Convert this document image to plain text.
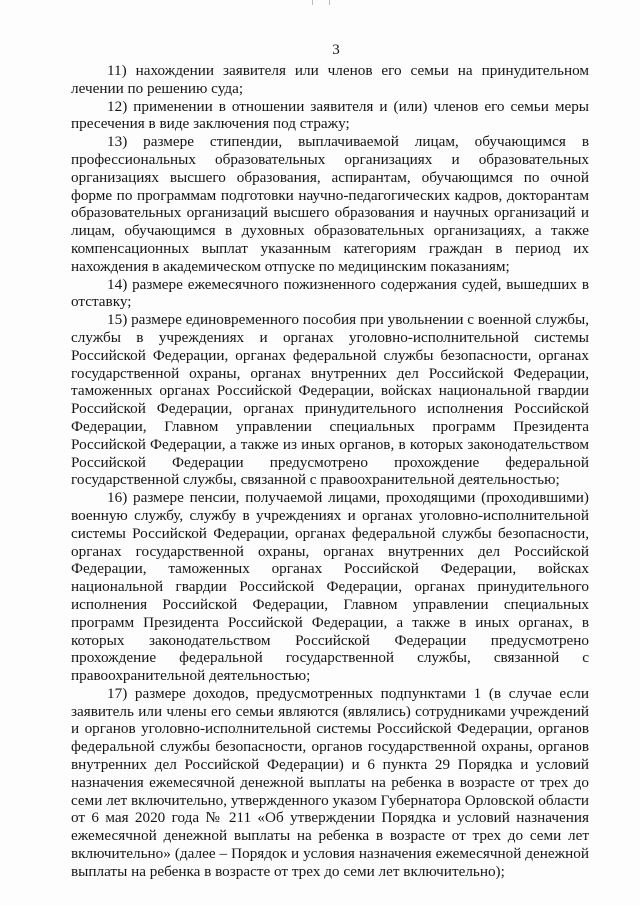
3

11) нахождении заявителя или членов его семьи на принудительном лечении по решению суда;

12) применении в отношении заявителя и (или) членов его семьи меры пресечения в виде заключения под стражу;

13) размере стипендии, выплачиваемой лицам, обучающимся в профессиональных образовательных организациях и образовательных организациях высшего образования, аспирантам, обучающимся по очной форме по программам подготовки научно-педагогических кадров, докторантам образовательных организаций высшего образования и научных организаций и лицам, обучающимся в духовных образовательных организациях, а также компенсационных выплат указанным категориям граждан в период их нахождения в академическом отпуске по медицинским показаниям;

14) размере ежемесячного пожизненного содержания судей, вышедших в отставку;

15) размере единовременного пособия при увольнении с военной службы, службы в учреждениях и органах уголовно-исполнительной системы Российской Федерации, органах федеральной службы безопасности, органах государственной охраны, органах внутренних дел Российской Федерации, таможенных органах Российской Федерации, войсках национальной гвардии Российской Федерации, органах принудительного исполнения Российской Федерации, Главном управлении специальных программ Президента Российской Федерации, а также из иных органов, в которых законодательством Российской Федерации предусмотрено прохождение федеральной государственной службы, связанной с правоохранительной деятельностью;

16) размере пенсии, получаемой лицами, проходящими (проходившими) военную службу, службу в учреждениях и органах уголовно-исполнительной системы Российской Федерации, органах федеральной службы безопасности, органах государственной охраны, органах внутренних дел Российской Федерации, таможенных органах Российской Федерации, войсках национальной гвардии Российской Федерации, органах принудительного исполнения Российской Федерации, Главном управлении специальных программ Президента Российской Федерации, а также в иных органах, в которых законодательством Российской Федерации предусмотрено прохождение федеральной государственной службы, связанной с правоохранительной деятельностью;

17) размере доходов, предусмотренных подпунктами 1 (в случае если заявитель или члены его семьи являются (являлись) сотрудниками учреждений и органов уголовно-исполнительной системы Российской Федерации, органов федеральной службы безопасности, органов государственной охраны, органов внутренних дел Российской Федерации) и 6 пункта 29 Порядка и условий назначения ежемесячной денежной выплаты на ребенка в возрасте от трех до семи лет включительно, утвержденного указом Губернатора Орловской области от 6 мая 2020 года № 211 «Об утверждении Порядка и условий назначения ежемесячной денежной выплаты на ребенка в возрасте от трех до семи лет включительно» (далее – Порядок и условия назначения ежемесячной денежной выплаты на ребенка в возрасте от трех до семи лет включительно);
